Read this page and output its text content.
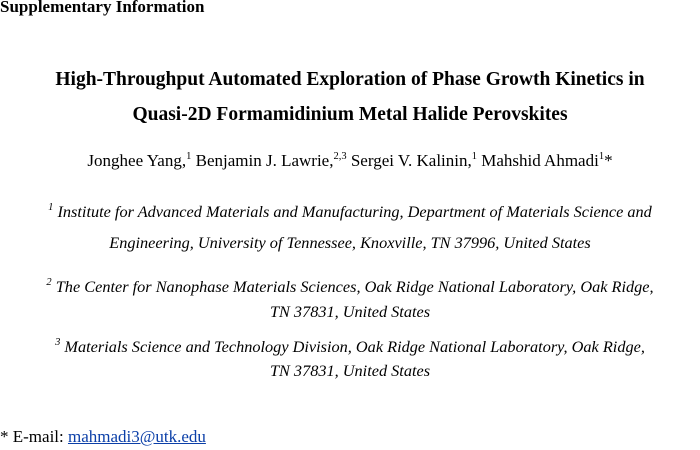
Supplementary Information
High-Throughput Automated Exploration of Phase Growth Kinetics in
Quasi-2D Formamidinium Metal Halide Perovskites
Jonghee Yang,$^1$ Benjamin J. Lawrie,$^{2,3}$ Sergei V. Kalinin,$^1$ Mahshid Ahmadi$^1$*
$^1$ Institute for Advanced Materials and Manufacturing, Department of Materials Science and
Engineering, University of Tennessee, Knoxville, TN 37996, United States
$^2$ The Center for Nanophase Materials Sciences, Oak Ridge National Laboratory, Oak Ridge,
TN 37831, United States
$^3$ Materials Science and Technology Division, Oak Ridge National Laboratory, Oak Ridge,
TN 37831, United States
* E-mail: mahmadi3@utk.edu
